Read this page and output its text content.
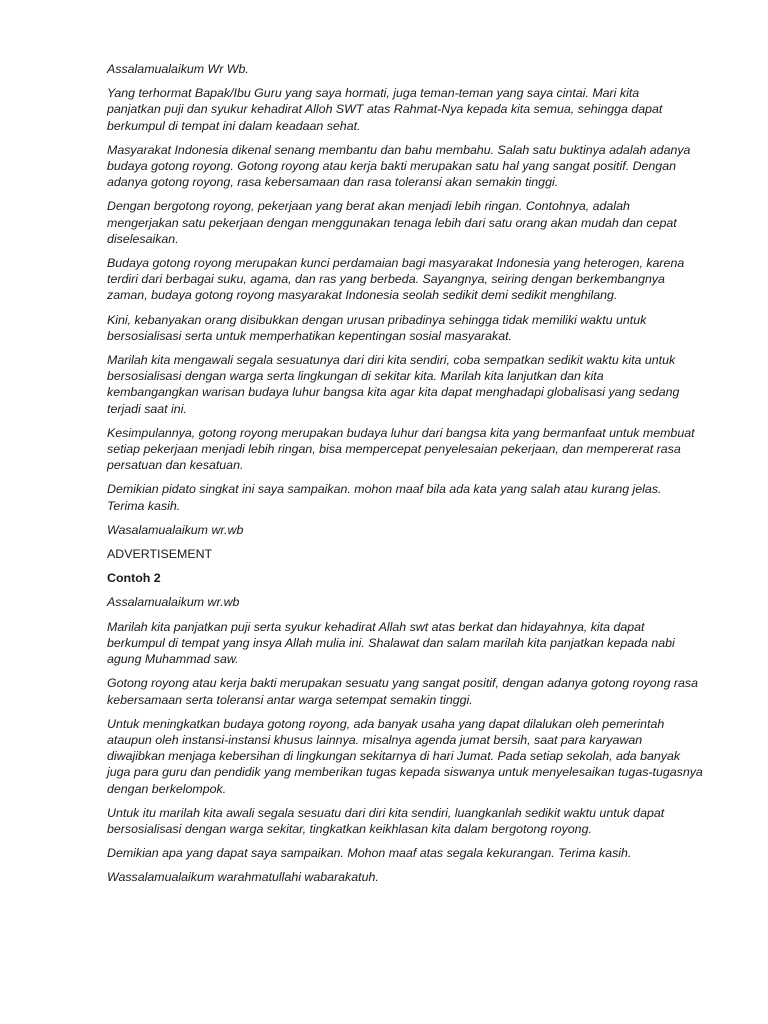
Assalamualaikum Wr Wb.
Yang terhormat Bapak/Ibu Guru yang saya hormati, juga teman-teman yang saya cintai. Mari kita
panjatkan puji dan syukur kehadirat Alloh SWT atas Rahmat-Nya kepada kita semua, sehingga dapat
berkumpul di tempat ini dalam keadaan sehat.
Masyarakat Indonesia dikenal senang membantu dan bahu membahu. Salah satu buktinya adalah adanya
budaya gotong royong. Gotong royong atau kerja bakti merupakan satu hal yang sangat positif. Dengan
adanya gotong royong, rasa kebersamaan dan rasa toleransi akan semakin tinggi.
Dengan bergotong royong, pekerjaan yang berat akan menjadi lebih ringan. Contohnya, adalah
mengerjakan satu pekerjaan dengan menggunakan tenaga lebih dari satu orang akan mudah dan cepat
diselesaikan.
Budaya gotong royong merupakan kunci perdamaian bagi masyarakat Indonesia yang heterogen, karena
terdiri dari berbagai suku, agama, dan ras yang berbeda. Sayangnya, seiring dengan berkembangnya
zaman, budaya gotong royong masyarakat Indonesia seolah sedikit demi sedikit menghilang.
Kini, kebanyakan orang disibukkan dengan urusan pribadinya sehingga tidak memiliki waktu untuk
bersosialisasi serta untuk memperhatikan kepentingan sosial masyarakat.
Marilah kita mengawali segala sesuatunya dari diri kita sendiri, coba sempatkan sedikit waktu kita untuk
bersosialisasi dengan warga serta lingkungan di sekitar kita. Marilah kita lanjutkan dan kita
kembangangkan warisan budaya luhur bangsa kita agar kita dapat menghadapi globalisasi yang sedang
terjadi saat ini.
Kesimpulannya, gotong royong merupakan budaya luhur dari bangsa kita yang bermanfaat untuk membuat
setiap pekerjaan menjadi lebih ringan, bisa mempercepat penyelesaian pekerjaan, dan mempererat rasa
persatuan dan kesatuan.
Demikian pidato singkat ini saya sampaikan. mohon maaf bila ada kata yang salah atau kurang jelas.
Terima kasih.
Wasalamualaikum wr.wb
ADVERTISEMENT
Contoh 2
Assalamualaikum wr.wb
Marilah kita panjatkan puji serta syukur kehadirat Allah swt atas berkat dan hidayahnya, kita dapat
berkumpul di tempat yang insya Allah mulia ini. Shalawat dan salam marilah kita panjatkan kepada nabi
agung Muhammad saw.
Gotong royong atau kerja bakti merupakan sesuatu yang sangat positif, dengan adanya gotong royong rasa
kebersamaan serta toleransi antar warga setempat semakin tinggi.
Untuk meningkatkan budaya gotong royong, ada banyak usaha yang dapat dilalukan oleh pemerintah
ataupun oleh instansi-instansi khusus lainnya. misalnya agenda jumat bersih, saat para karyawan
diwajibkan menjaga kebersihan di lingkungan sekitarnya di hari Jumat. Pada setiap sekolah, ada banyak
juga para guru dan pendidik yang memberikan tugas kepada siswanya untuk menyelesaikan tugas-tugasnya
dengan berkelompok.
Untuk itu marilah kita awali segala sesuatu dari diri kita sendiri, luangkanlah sedikit waktu untuk dapat
bersosialisasi dengan warga sekitar, tingkatkan keikhlasan kita dalam bergotong royong.
Demikian apa yang dapat saya sampaikan. Mohon maaf atas segala kekurangan. Terima kasih.
Wassalamualaikum warahmatullahi wabarakatuh.
